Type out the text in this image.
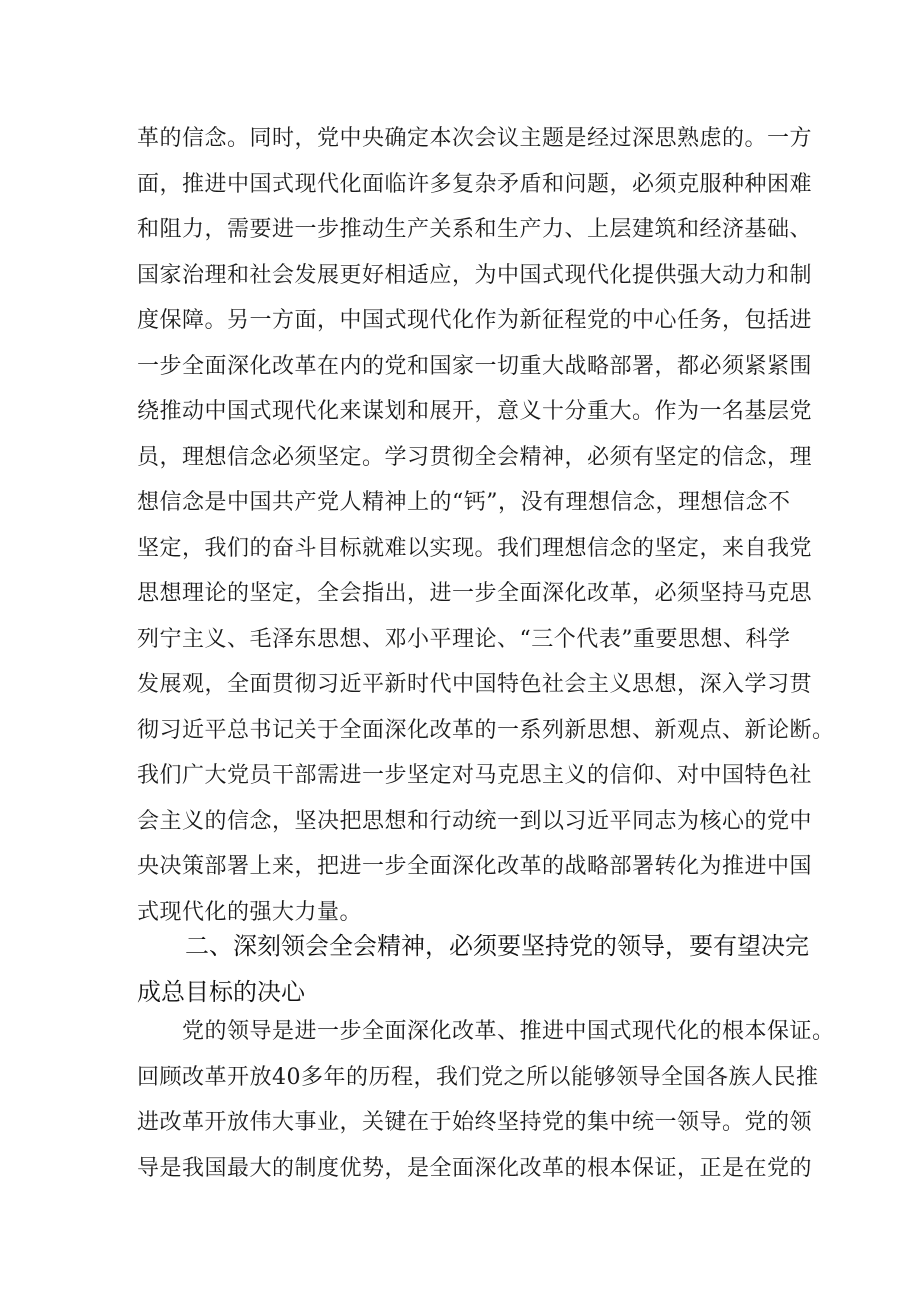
革的信念。同时，党中央确定本次会议主题是经过深思熟虑的。一方
面，推进中国式现代化面临许多复杂矛盾和问题，必须克服种种困难
和阻力，需要进一步推动生产关系和生产力、上层建筑和经济基础、
国家治理和社会发展更好相适应，为中国式现代化提供强大动力和制
度保障。另一方面，中国式现代化作为新征程党的中心任务，包括进
一步全面深化改革在内的党和国家一切重大战略部署，都必须紧紧围
绕推动中国式现代化来谋划和展开，意义十分重大。作为一名基层党
员，理想信念必须坚定。学习贯彻全会精神，必须有坚定的信念，理
想信念是中国共产党人精神上的“钙”，没有理想信念，理想信念不
坚定，我们的奋斗目标就难以实现。我们理想信念的坚定，来自我党
思想理论的坚定，全会指出，进一步全面深化改革，必须坚持马克思
列宁主义、毛泽东思想、邓小平理论、“三个代表”重要思想、科学
发展观，全面贯彻习近平新时代中国特色社会主义思想，深入学习贯
彻习近平总书记关于全面深化改革的一系列新思想、新观点、新论断。
我们广大党员干部需进一步坚定对马克思主义的信仰、对中国特色社
会主义的信念，坚决把思想和行动统一到以习近平同志为核心的党中
央决策部署上来，把进一步全面深化改革的战略部署转化为推进中国
式现代化的强大力量。
　　二、深刻领会全会精神，必须要坚持党的领导，要有望决完
成总目标的决心
　　党的领导是进一步全面深化改革、推进中国式现代化的根本保证。
回顾改革开放40多年的历程，我们党之所以能够领导全国各族人民推
进改革开放伟大事业，关键在于始终坚持党的集中统一领导。党的领
导是我国最大的制度优势，是全面深化改革的根本保证，正是在党的
